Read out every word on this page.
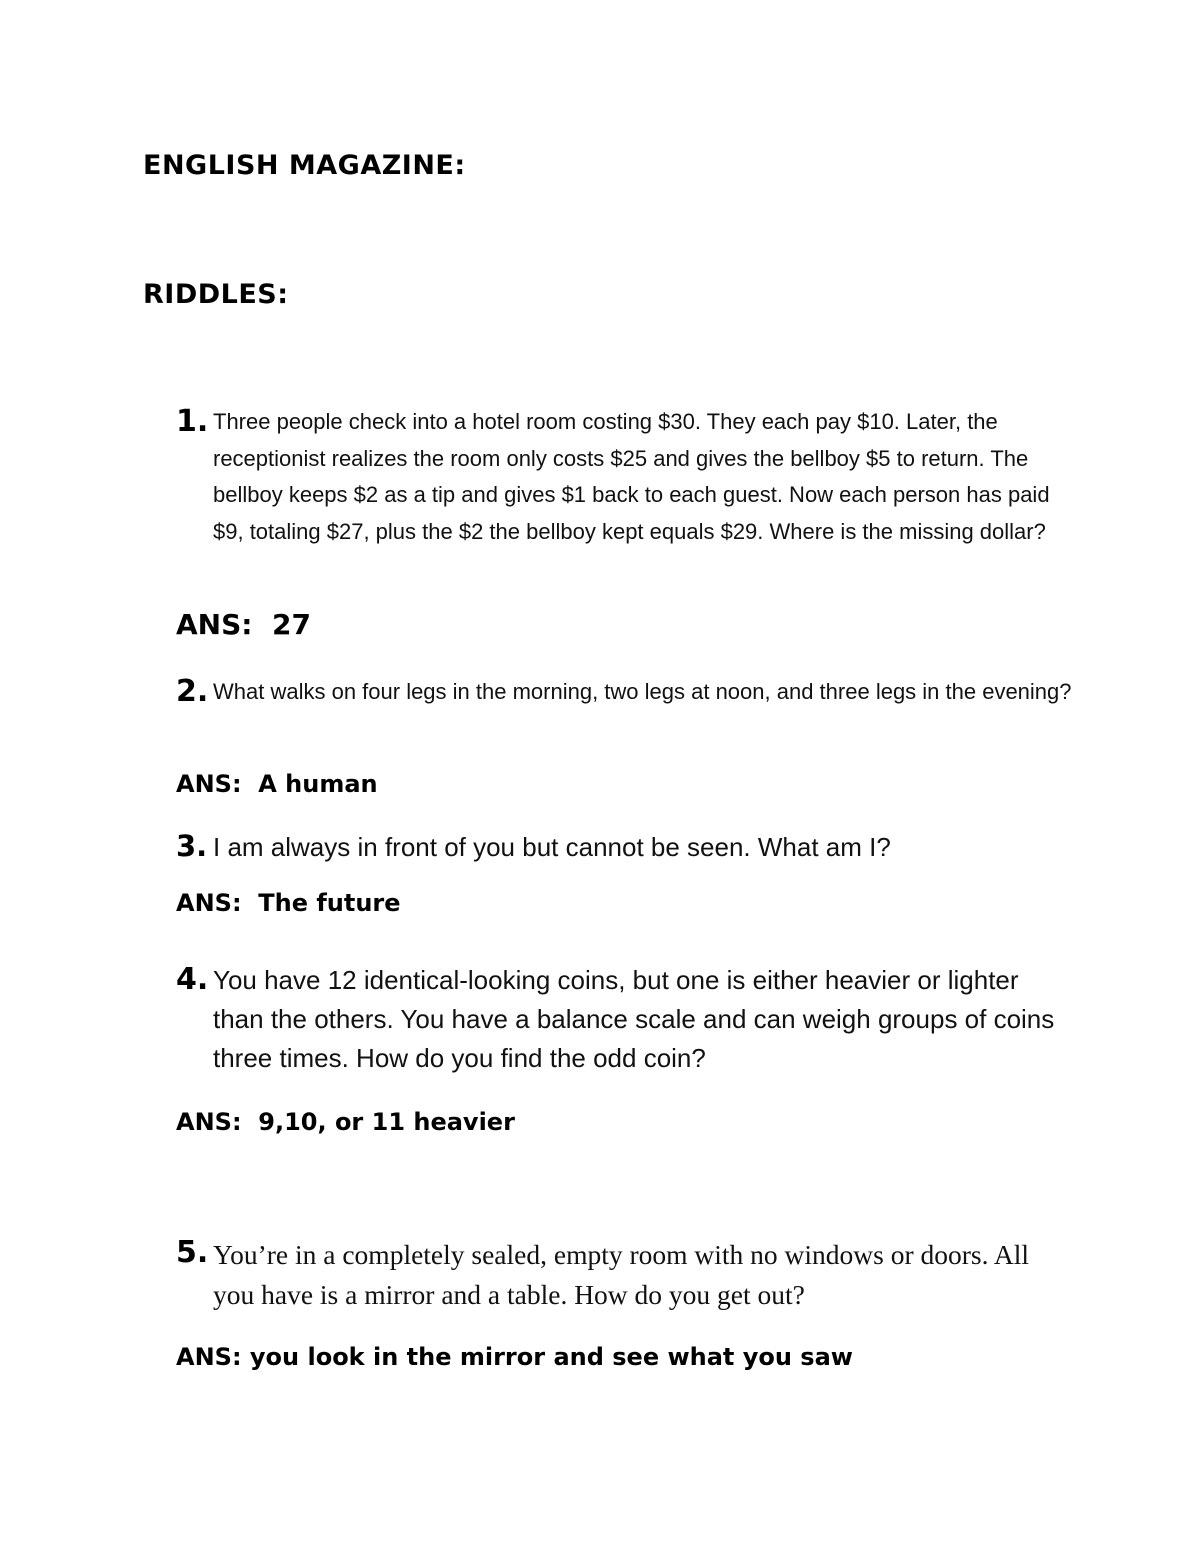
ENGLISH MAGAZINE:
RIDDLES:
1. Three people check into a hotel room costing $30. They each pay $10. Later, the receptionist realizes the room only costs $25 and gives the bellboy $5 to return. The bellboy keeps $2 as a tip and gives $1 back to each guest. Now each person has paid $9, totaling $27, plus the $2 the bellboy kept equals $29. Where is the missing dollar?
ANS:  27
2. What walks on four legs in the morning, two legs at noon, and three legs in the evening?
ANS:  A human
3. I am always in front of you but cannot be seen. What am I?
ANS:  The future
4. You have 12 identical-looking coins, but one is either heavier or lighter than the others. You have a balance scale and can weigh groups of coins three times. How do you find the odd coin?
ANS:  9,10, or 11 heavier
5. You’re in a completely sealed, empty room with no windows or doors. All you have is a mirror and a table. How do you get out?
ANS: you look in the mirror and see what you saw
